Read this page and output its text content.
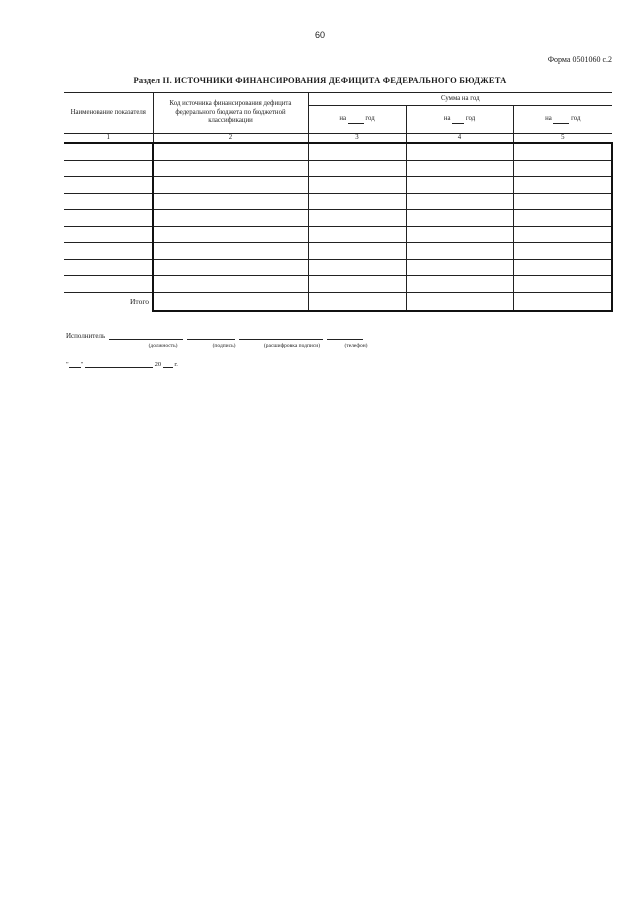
60
Форма 0501060 с.2
Раздел II. ИСТОЧНИКИ ФИНАНСИРОВАНИЯ ДЕФИЦИТА ФЕДЕРАЛЬНОГО БЮДЖЕТА
Наименование показателя	Код источника финансирования дефицита федерального бюджета по бюджетной классификации	Сумма на год		
		на год	на год	на год
1	2	3	4	5

Итого				
Исполнитель
(должность)	(подпись)	(расшифровка подписи)	(телефон)
" "	20 г.
